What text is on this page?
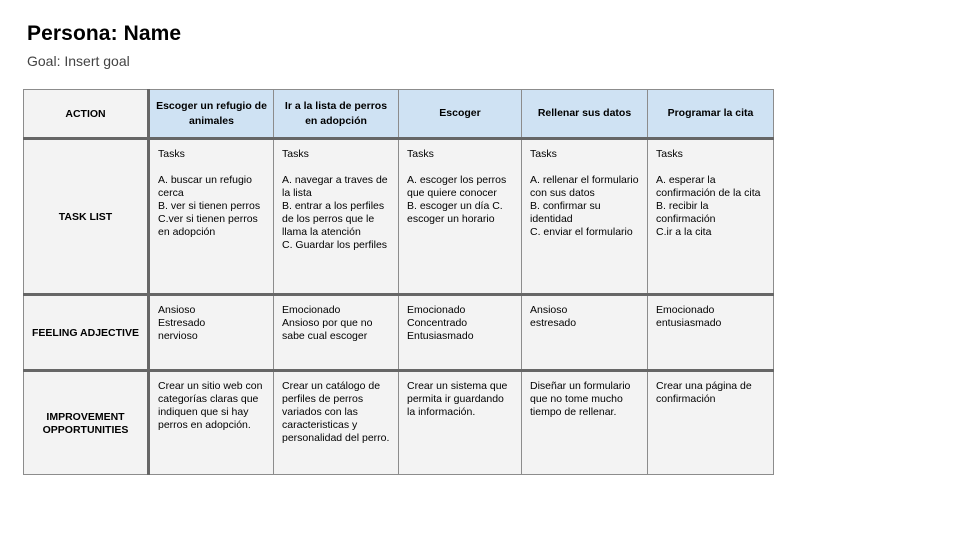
Persona: Name
Goal: Insert goal
ACTION	Escoger un refugio de animales	Ir a la lista de perros en adopción	Escoger	Rellenar sus datos	Programar la cita
TASK LIST	Tasks

A. buscar un refugio cerca
B. ver si tienen perros
C.ver si tienen perros en adopción	Tasks

A. navegar a traves de la lista
B. entrar a los perfiles de los perros que le llama la atención
C. Guardar los perfiles	Tasks

A. escoger los perros que quiere conocer
B. escoger un día C. escoger un horario	Tasks

A. rellenar el formulario con sus datos
B. confirmar su identidad
C. enviar el formulario	Tasks

A. esperar la confirmación de la cita
B. recibir la confirmación
C.ir a la cita

FEELING ADJECTIVE	Ansioso
Estresado
nervioso	Emocionado
Ansioso por que no sabe cual escoger	Emocionado
Concentrado
Entusiasmado	Ansioso
estresado	Emocionado
entusiasmado

IMPROVEMENT OPPORTUNITIES	Crear un sitio web con categorías claras que indiquen que si hay perros en adopción.	Crear un catálogo de perfiles de perros variados con las caracteristicas y personalidad del perro.	Crear un sistema que permita ir guardando la información.	Diseñar un formulario que no tome mucho tiempo de rellenar.	Crear una página de confirmación
